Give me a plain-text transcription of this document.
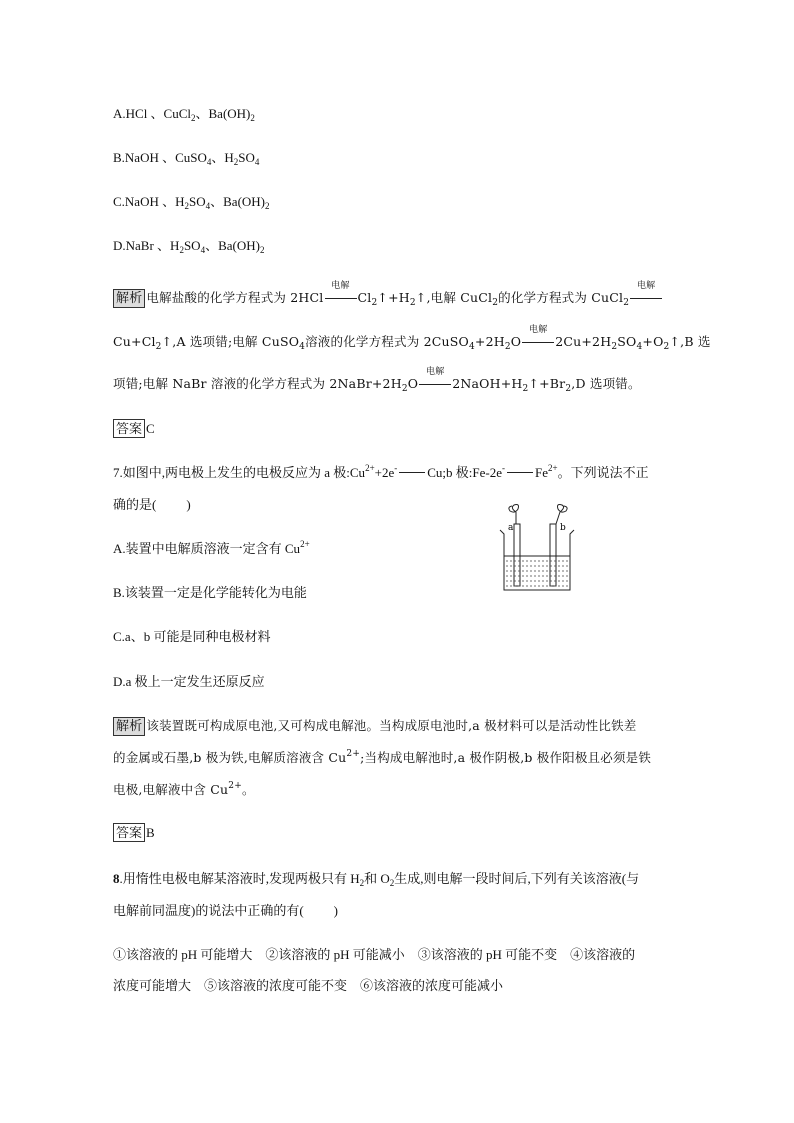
A.HCl 、CuCl$_2$、$Ba(OH)_2$
B.NaOH 、CuSO$_4$、$H_2SO_4$
C.NaOH 、$H_2SO_4$、$Ba(OH)_2$
D.NaBr 、$H_2SO_4$、$Ba(OH)_2$
解析 电解盐酸的化学方程式为 2HCl
电解
$Cl_2↑+H_2↑$,电解 CuCl$_2$的化学方程式为 CuCl$_2$
电解
$Cu+Cl_2↑,A$ 选项错;电解 CuSO$_4$溶液的化学方程式为 $2CuSO_4+2H_2O$
电解
$2Cu+2H_2SO_4+O_2↑,B$ 选
项错;电解 NaBr 溶液的化学方程式为 $2NaBr+2H_2O$
电解
$2NaOH+H_2↑+Br_2,D$ 选项错。
答案 C
7.如图中,两电极上发生的电极反应为 a 极$:Cu^{2+}+2e^-$ Cu;b 极:Fe-2e- $Fe^{2+}$。下列说法不正
确的是( )
a	b
A.装置中电解质溶液一定含有 $Cu^{2+}$
B.该装置一定是化学能转化为电能
C.a、b 可能是同种电极材料
D.a 极上一定发生还原反应
解析 该装置既可构成原电池,又可构成电解池。当构成原电池时,a 极材料可以是活动性比铁差
的金属或石墨,b 极为铁,电解质溶液含 $Cu^{2+}$;当构成电解池时,a 极作阴极,b 极作阳极且必须是铁
电极,电解液中含 $Cu^{2+}$。
答案 B
8.用惰性电极电解某溶液时,发现两极只有 $H_2$和 $O_2$生成,则电解一段时间后,下列有关该溶液(与
电解前同温度)的说法中正确的有( )
①该溶液的 pH 可能增大　②该溶液的 pH 可能减小　③该溶液的 pH 可能不变　④该溶液的
浓度可能增大　⑤该溶液的浓度可能不变　⑥该溶液的浓度可能减小
